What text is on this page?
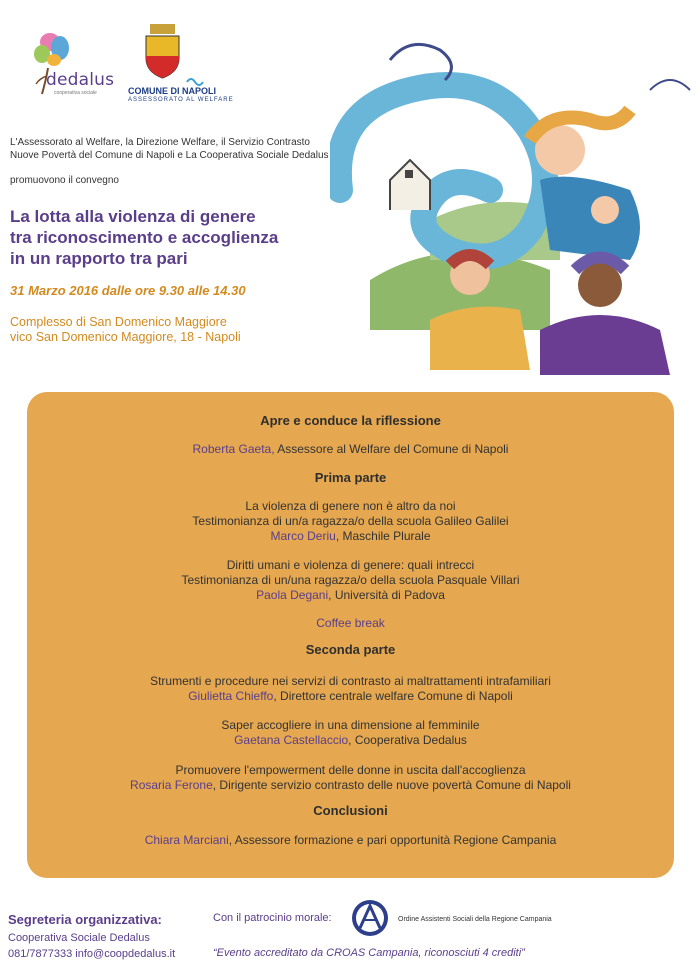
dedalus
cooperativa sociale	COMUNE DI NAPOLI
ASSESSORATO AL WELFARE
L'Assessorato al Welfare, la Direzione Welfare, il Servizio Contrasto
Nuove Povertà del Comune di Napoli e La Cooperativa Sociale Dedalus
promuovono il convegno
La lotta alla violenza di genere
tra riconoscimento e accoglienza
in un rapporto tra pari
31 Marzo 2016 dalle ore 9.30 alle 14.30
Complesso di San Domenico Maggiore
vico San Domenico Maggiore, 18 - Napoli
Apre e conduce la riflessione
Roberta Gaeta, Assessore al Welfare del Comune di Napoli
Prima parte
La violenza di genere non è altro da noi
Testimonianza di un/a ragazza/o della scuola Galileo Galilei
Marco Deriu, Maschile Plurale
Diritti umani e violenza di genere: quali intrecci
Testimonianza di un/una ragazza/o della scuola Pasquale Villari
Paola Degani, Università di Padova
Coffee break
Seconda parte
Strumenti e procedure nei servizi di contrasto ai maltrattamenti intrafamiliari
Giulietta Chieffo, Direttore centrale welfare Comune di Napoli
Saper accogliere in una dimensione al femminile
Gaetana Castellaccio, Cooperativa Dedalus
Promuovere l'empowerment delle donne in uscita dall'accoglienza
Rosaria Ferone, Dirigente servizio contrasto delle nuove povertà Comune di Napoli
Conclusioni
Chiara Marciani, Assessore formazione e pari opportunità Regione Campania
Segreteria organizzativa:
Cooperativa Sociale Dedalus
081/7877333 info@coopdedalus.it
Con il patrocinio morale:	Ordine Assistenti Sociali della Regione Campania
“Evento accreditato da CROAS Campania, riconosciuti 4 crediti”
